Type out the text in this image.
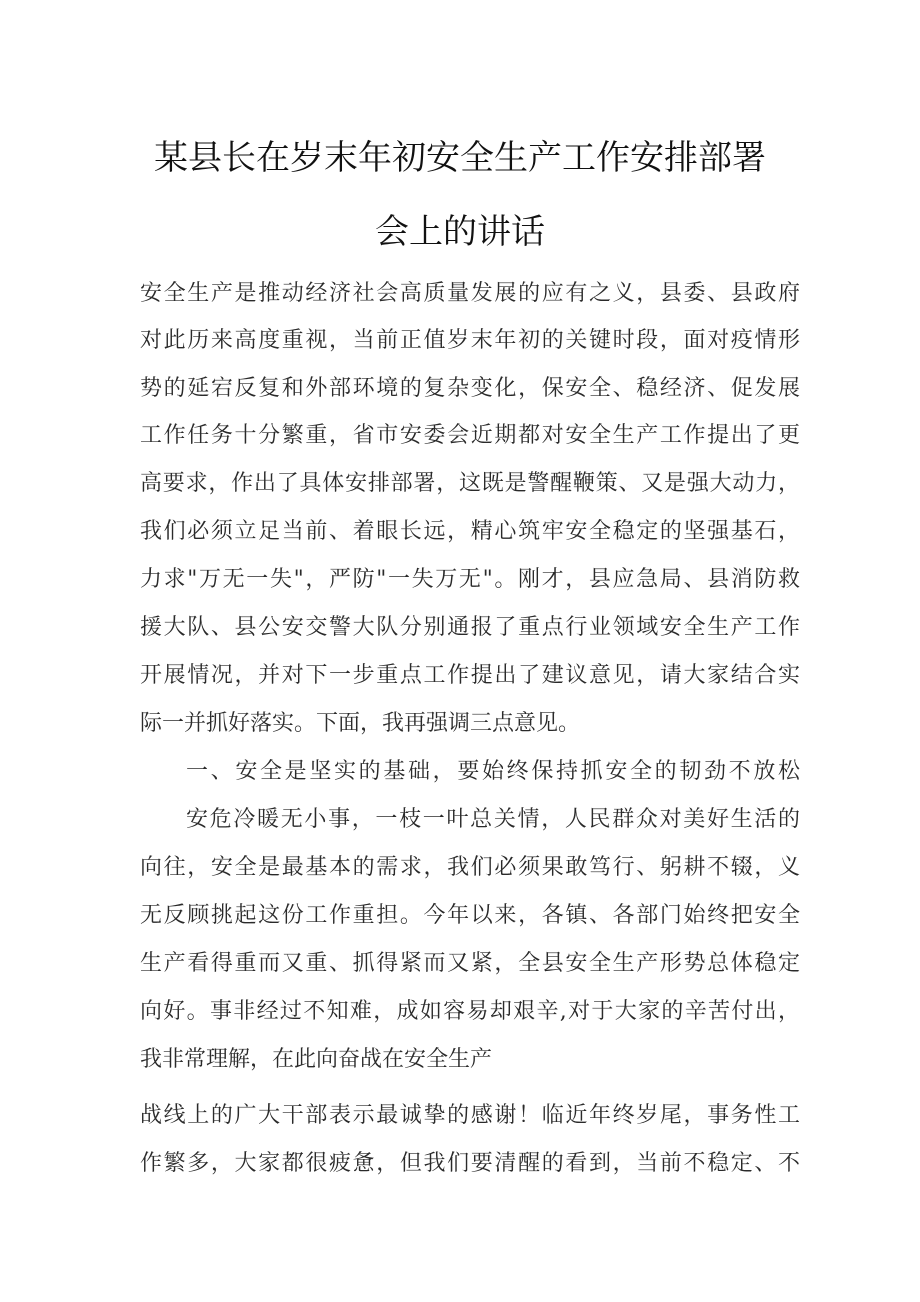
某县长在岁末年初安全生产工作安排部署
会上的讲话
安全生产是推动经济社会高质量发展的应有之义，县委、县政府
对此历来高度重视，当前正值岁末年初的关键时段，面对疫情形
势的延宕反复和外部环境的复杂变化，保安全、稳经济、促发展
工作任务十分繁重，省市安委会近期都对安全生产工作提出了更
高要求，作出了具体安排部署，这既是警醒鞭策、又是强大动力，
我们必须立足当前、着眼长远，精心筑牢安全稳定的坚强基石，
力求"万无一失"，严防"一失万无"。刚才，县应急局、县消防救
援大队、县公安交警大队分别通报了重点行业领域安全生产工作
开展情况，并对下一步重点工作提出了建议意见，请大家结合实
际一并抓好落实。下面，我再强调三点意见。
一、安全是坚实的基础，要始终保持抓安全的韧劲不放松
安危冷暖无小事，一枝一叶总关情，人民群众对美好生活的
向往，安全是最基本的需求，我们必须果敢笃行、躬耕不辍，义
无反顾挑起这份工作重担。今年以来，各镇、各部门始终把安全
生产看得重而又重、抓得紧而又紧，全县安全生产形势总体稳定
向好。事非经过不知难，成如容易却艰辛,对于大家的辛苦付出，
我非常理解，在此向奋战在安全生产
战线上的广大干部表示最诚挚的感谢！临近年终岁尾，事务性工
作繁多，大家都很疲惫，但我们要清醒的看到，当前不稳定、不
